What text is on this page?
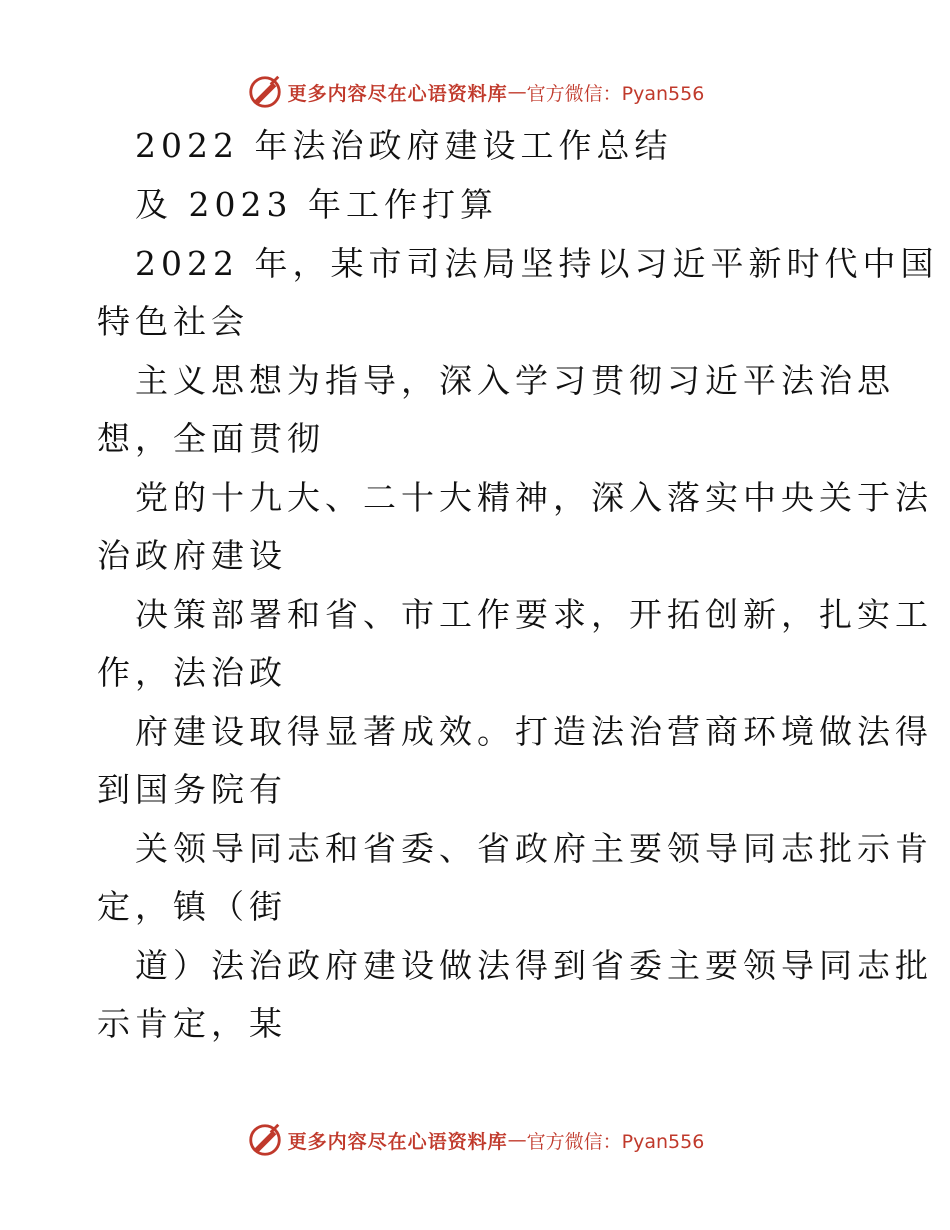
更多内容尽在心语资料库 — 官方微信：Pyan556
2022 年法治政府建设工作总结
及 2023 年工作打算
2022 年，某市司法局坚持以习近平新时代中国
特色社会
主义思想为指导，深入学习贯彻习近平法治思
想，全面贯彻
党的十九大、二十大精神，深入落实中央关于法
治政府建设
决策部署和省、市工作要求，开拓创新，扎实工
作，法治政
府建设取得显著成效。打造法治营商环境做法得
到国务院有
关领导同志和省委、省政府主要领导同志批示肯
定，镇（街
道）法治政府建设做法得到省委主要领导同志批
示肯定，某
更多内容尽在心语资料库 — 官方微信：Pyan556
